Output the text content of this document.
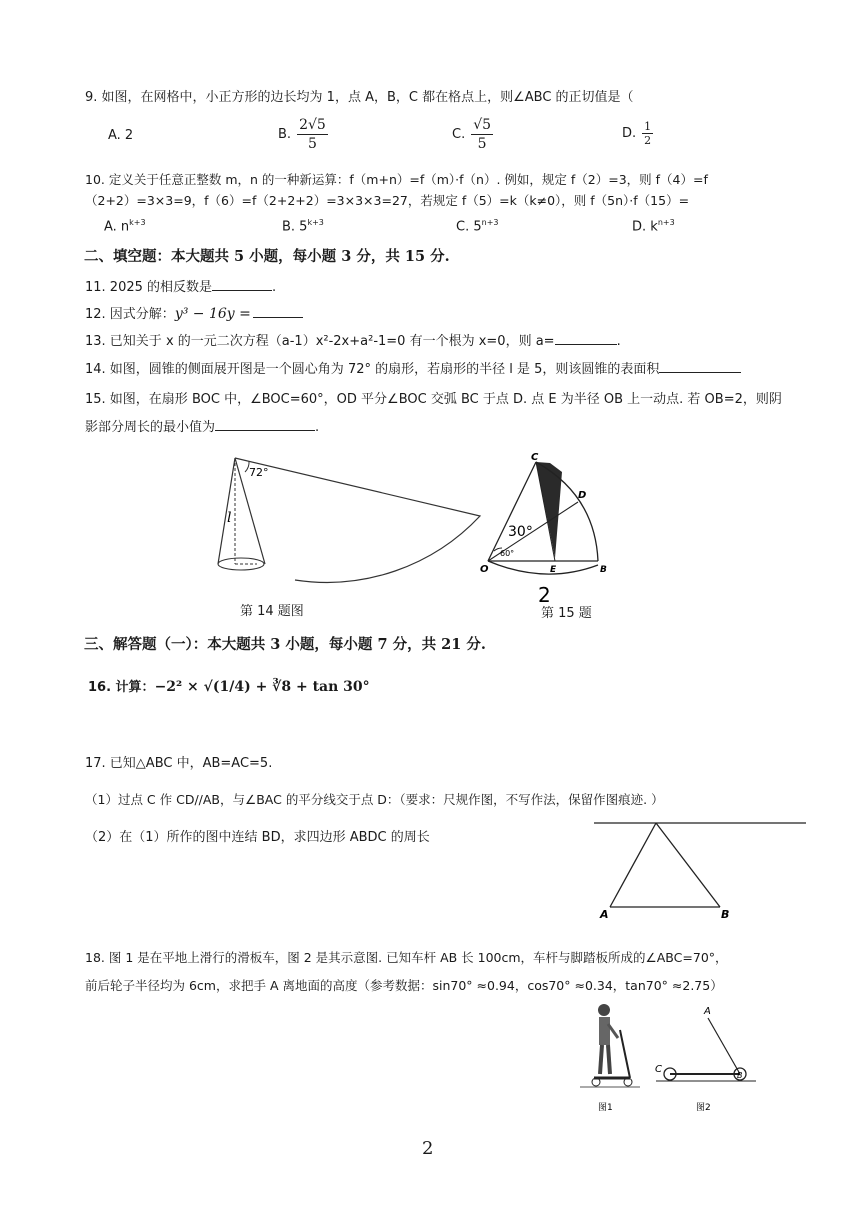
9. 如图，在网格中，小正方形的边长均为 1，点 A，B，C 都在格点上，则∠ABC 的正切值是（
A. 2	B. $\frac{2√5}{5}$	C. $\frac{√5}{5}$	D. $\frac{1}{2}$
10. 定义关于任意正整数 m，n 的一种新运算：f（m+n）=f（m）·f（n）. 例如，规定 f（2）=3，则 f（4）=f
（2+2）=3×3=9，f（6）=f（2+2+2）=3×3×3=27，若规定 f（5）=k（k≠0），则 f（5n）·f（15）=
A. $n^{k+3}$	B. $5^{k+3}$	C. $5^{n+3}$	D. $k^{n+3}$
二、填空题：本大题共 5 小题，每小题 3 分，共 15 分.
11. 2025 的相反数是	.
12. 因式分解：y³ − 16y =
13. 已知关于 x 的一元二次方程（a-1）x²-2x+a²-1=0 有一个根为 x=0，则 a=	.
14. 如图，圆锥的侧面展开图是一个圆心角为 72° 的扇形，若扇形的半径 l 是 5，则该圆锥的表面积
15. 如图，在扇形 BOC 中，∠BOC=60°，OD 平分∠BOC 交弧 BC 于点 D. 点 E 为半径 OB 上一动点. 若 OB=2，则阴
影部分周长的最小值为	.
72°
l
第 14 题图
C
D
O	E	B
30°
60°
2
第 15 题
三、解答题（一）：本大题共 3 小题，每小题 7 分，共 21 分.
16. 计算：−2² × √(1/4) + ∛8 + tan 30°
17. 已知△ABC 中，AB=AC=5.
（1）过点 C 作 CD//AB，与∠BAC 的平分线交于点 D：（要求：尺规作图，不写作法，保留作图痕迹. ）
（2）在（1）所作的图中连结 BD，求四边形 ABDC 的周长
A	B
18. 图 1 是在平地上滑行的滑板车，图 2 是其示意图. 已知车杆 AB 长 100cm，车杆与脚踏板所成的∠ABC=70°，
前后轮子半径均为 6cm，求把手 A 离地面的高度（参考数据：sin70° ≈0.94，cos70° ≈0.34，tan70° ≈2.75）
A
C
B
图1	图2
2
